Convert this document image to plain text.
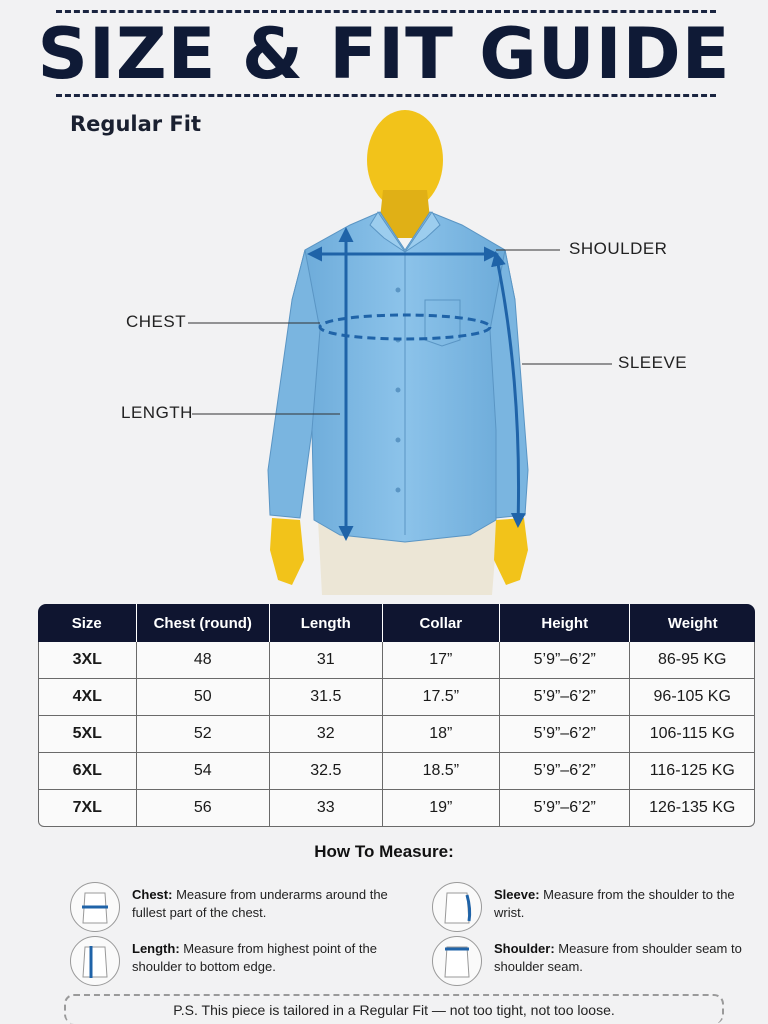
SIZE & FIT GUIDE
Regular Fit
SHOULDER
CHEST
SLEEVE
LENGTH
Size	Chest (round)	Length	Collar	Height	Weight
3XL	48	31	17”	5’9”–6’2”	86-95 KG
4XL	50	31.5	17.5”	5’9”–6’2”	96-105 KG
5XL	52	32	18”	5’9”–6’2”	106-115 KG
6XL	54	32.5	18.5”	5’9”–6’2”	116-125 KG
7XL	56	33	19”	5’9”–6’2”	126-135 KG
How To Measure:
Chest: Measure from underarms around the fullest part of the chest.
Sleeve: Measure from the shoulder to the wrist.
Length: Measure from highest point of the shoulder to bottom edge.
Shoulder: Measure from shoulder seam to shoulder seam.
P.S. This piece is tailored in a Regular Fit — not too tight, not too loose.
